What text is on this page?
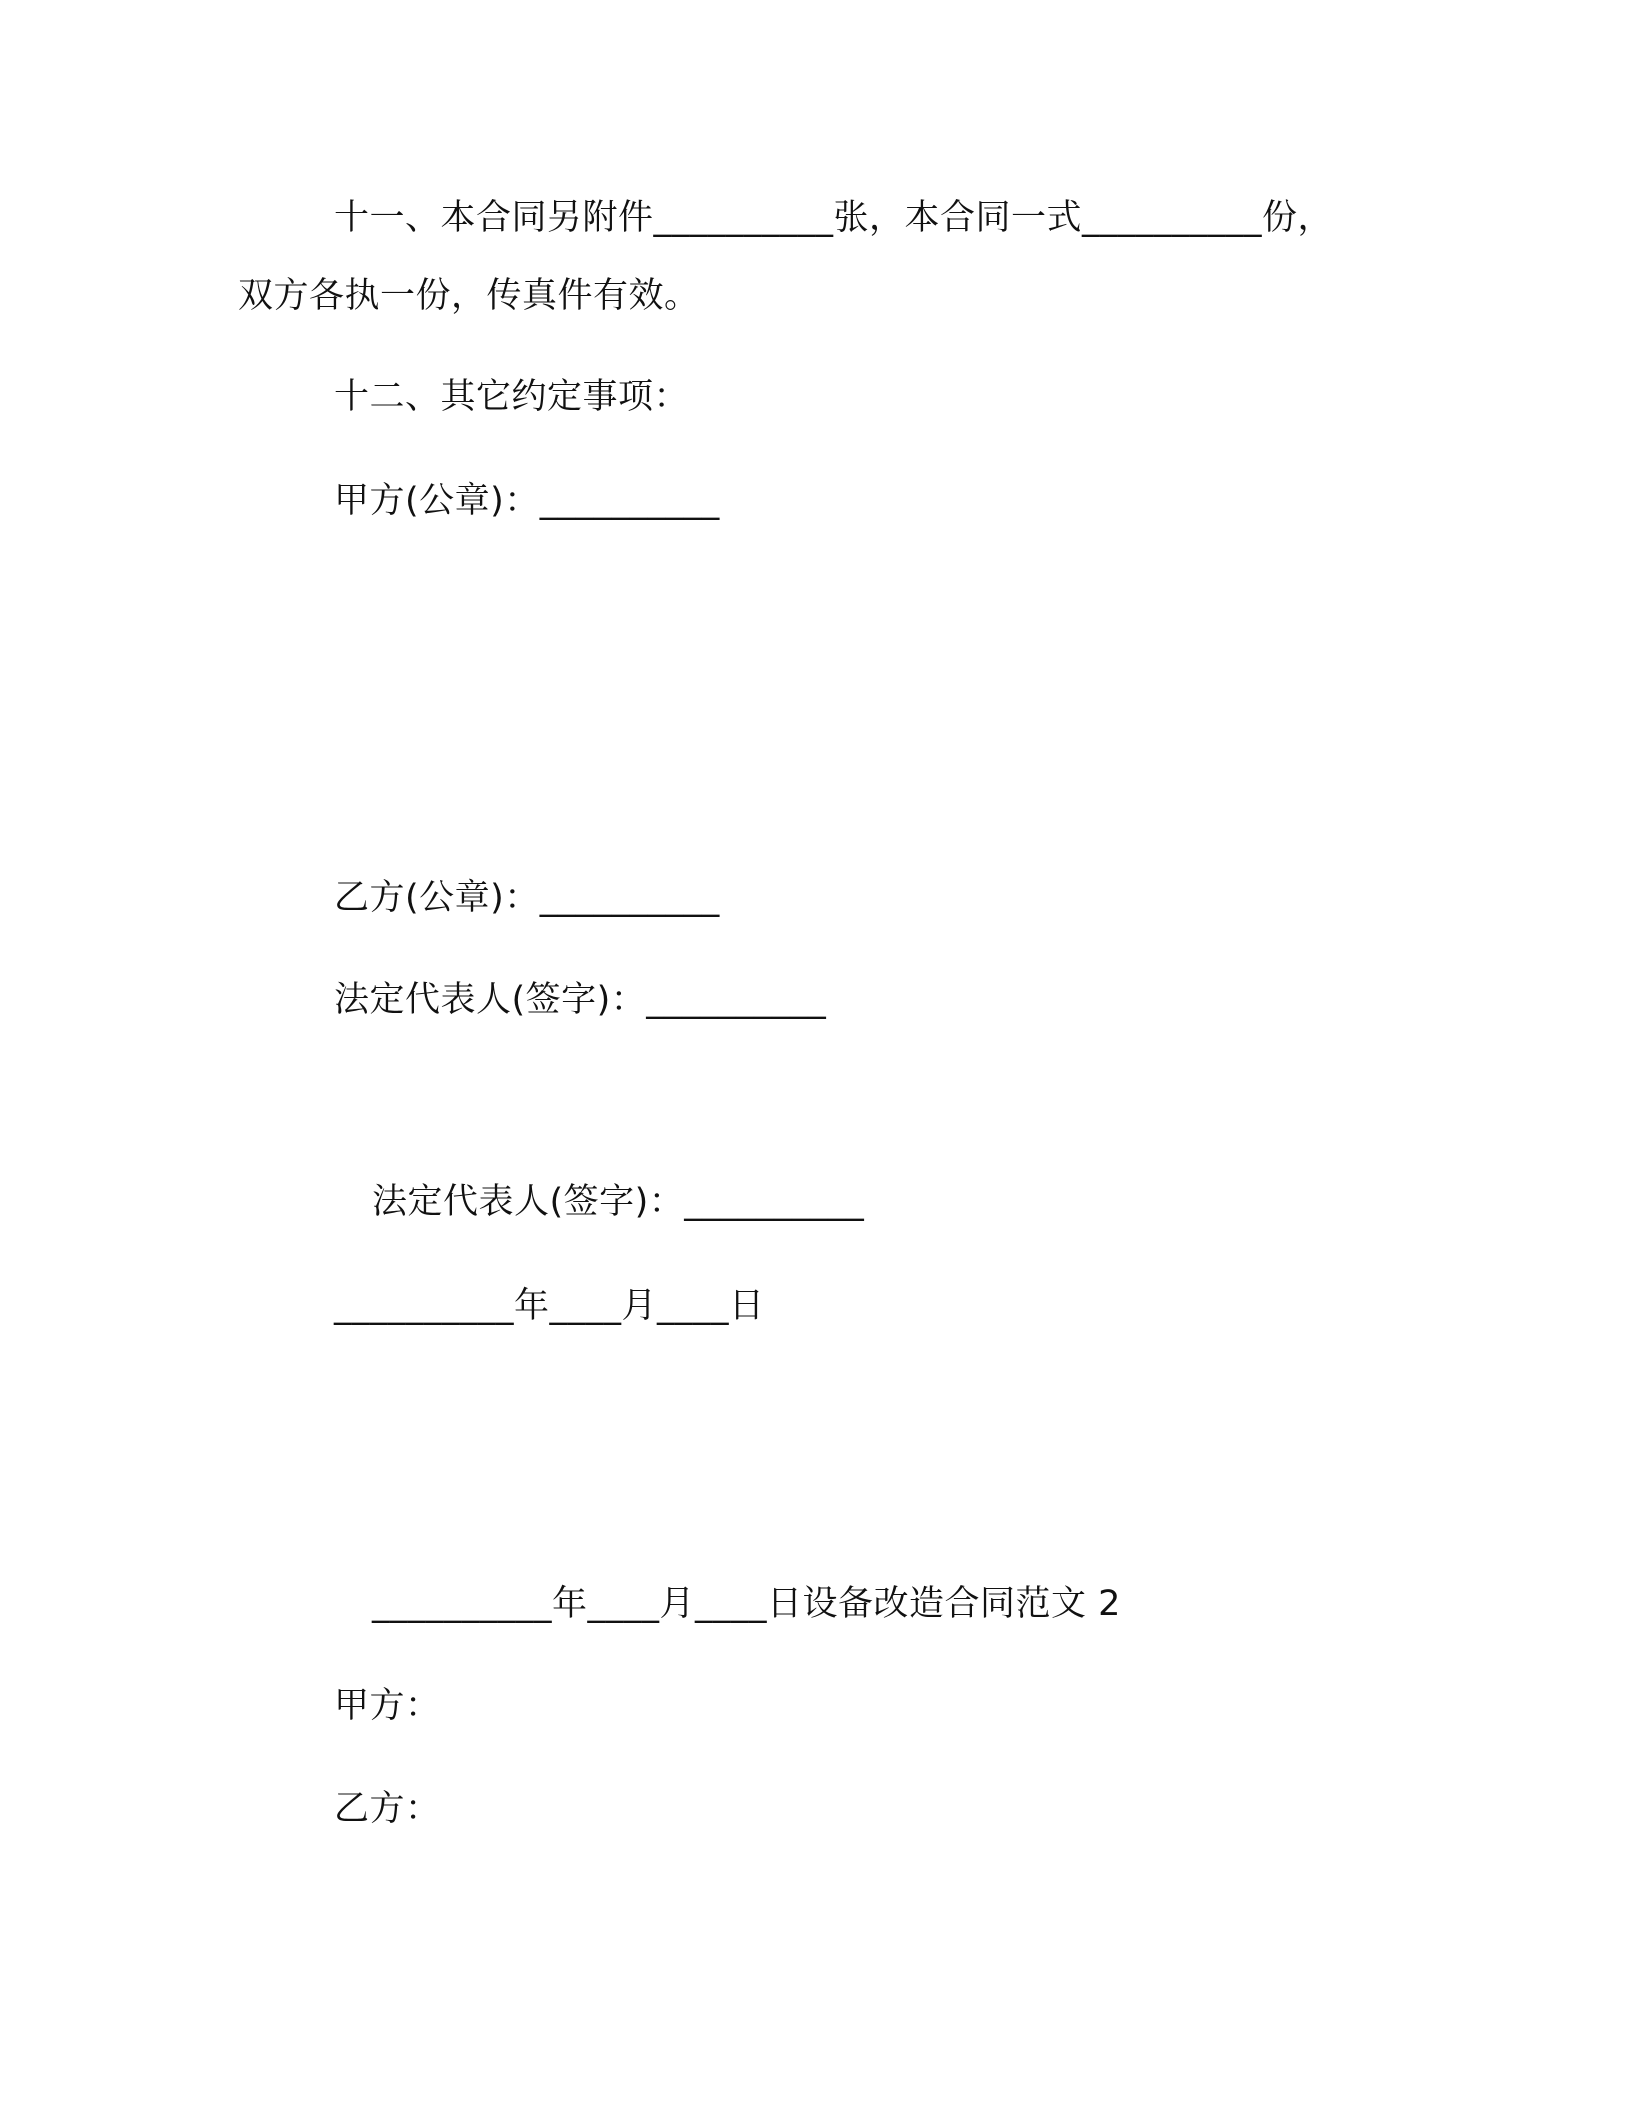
十一、本合同另附件__________张，本合同一式__________份，
双方各执一份，传真件有效。
十二、其它约定事项：
甲方(公章)：__________
乙方(公章)：__________
法定代表人(签字)：__________
法定代表人(签字)：__________
__________年____月____日
__________年____月____日设备改造合同范文 2
甲方：
乙方：
